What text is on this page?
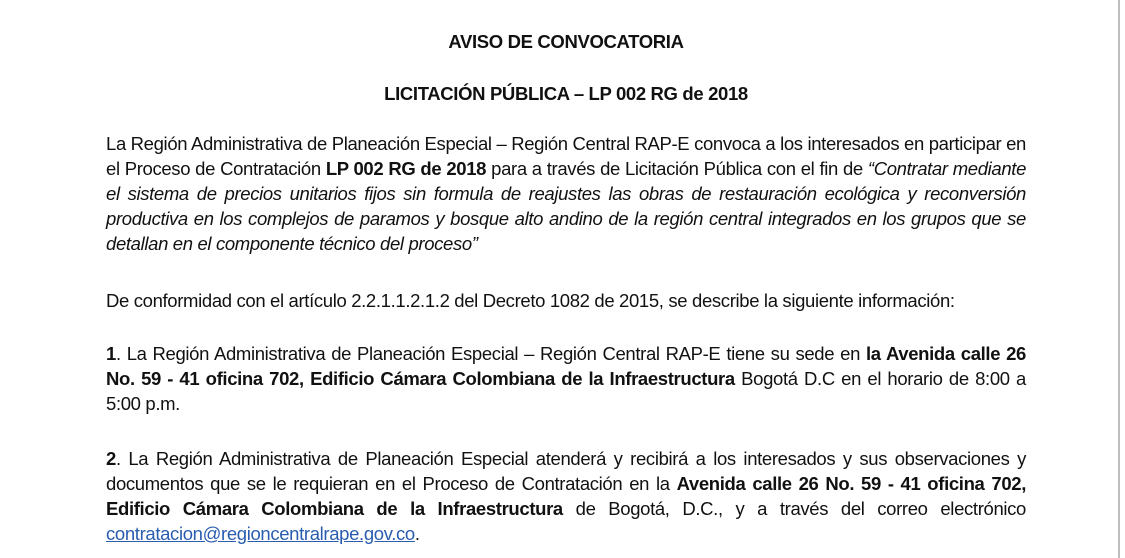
AVISO DE CONVOCATORIA
LICITACIÓN PÚBLICA – LP 002 RG de 2018

La Región Administrativa de Planeación Especial – Región Central RAP-E convoca a los interesados en participar en el Proceso de Contratación LP 002 RG de 2018 para a través de Licitación Pública con el fin de “Contratar mediante el sistema de precios unitarios fijos sin formula de reajustes las obras de restauración ecológica y reconversión productiva en los complejos de paramos y bosque alto andino de la región central integrados en los grupos que se detallan en el componente técnico del proceso”

De conformidad con el artículo 2.2.1.1.2.1.2 del Decreto 1082 de 2015, se describe la siguiente información:

1. La Región Administrativa de Planeación Especial – Región Central RAP-E tiene su sede en la Avenida calle 26 No. 59 - 41 oficina 702, Edificio Cámara Colombiana de la Infraestructura Bogotá D.C en el horario de 8:00 a 5:00 p.m.

2. La Región Administrativa de Planeación Especial atenderá y recibirá a los interesados y sus observaciones y documentos que se le requieran en el Proceso de Contratación en la Avenida calle 26 No. 59 - 41 oficina 702, Edificio Cámara Colombiana de la Infraestructura de Bogotá, D.C., y a través del correo electrónico contratacion@regioncentralrape.gov.co.
